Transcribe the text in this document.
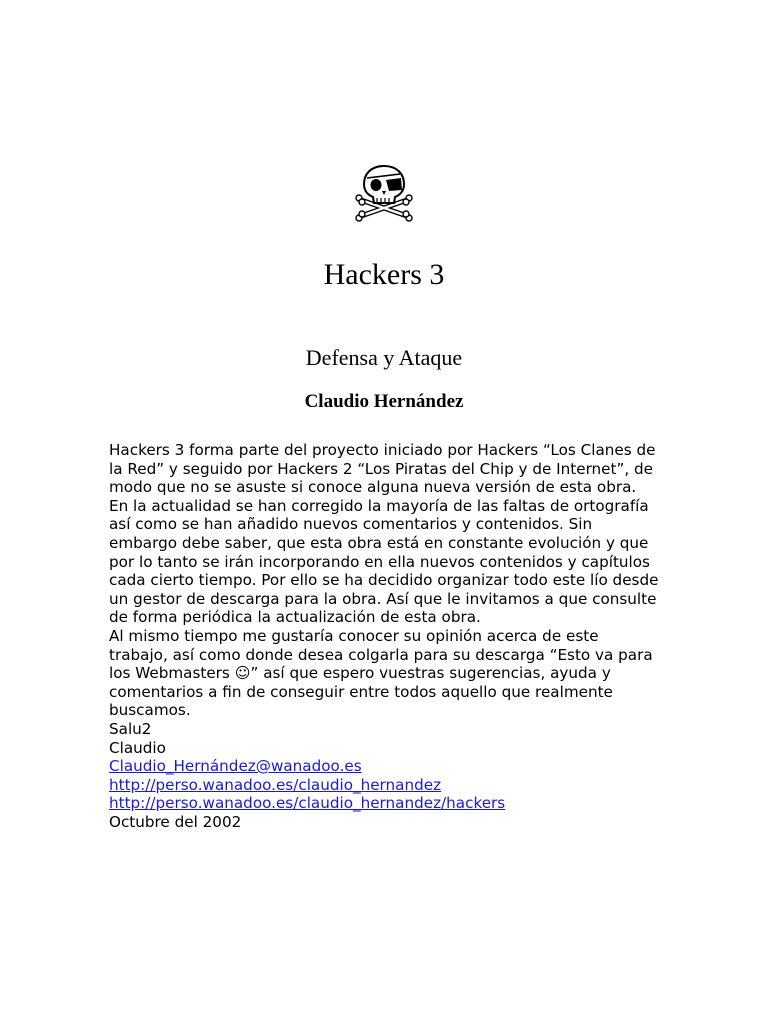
Hackers 3
Defensa y Ataque
Claudio Hernández

Hackers 3 forma parte del proyecto iniciado por Hackers “Los Clanes de la Red” y seguido por Hackers 2 “Los Piratas del Chip y de Internet”, de modo que no se asuste si conoce alguna nueva versión de esta obra.

En la actualidad se han corregido la mayoría de las faltas de ortografía así como se han añadido nuevos comentarios y contenidos. Sin embargo debe saber, que esta obra está en constante evolución y que por lo tanto se irán incorporando en ella nuevos contenidos y capítulos cada cierto tiempo. Por ello se ha decidido organizar todo este lío desde un gestor de descarga para la obra. Así que le invitamos a que consulte de forma periódica la actualización de esta obra.

Al mismo tiempo me gustaría conocer su opinión acerca de este trabajo, así como donde desea colgarla para su descarga “Esto va para los Webmasters ☺” así que espero vuestras sugerencias, ayuda y comentarios a fin de conseguir entre todos aquello que realmente buscamos.

Salu2

Claudio

Claudio_Hernández@wanadoo.es
http://perso.wanadoo.es/claudio_hernandez
http://perso.wanadoo.es/claudio_hernandez/hackers

Octubre del 2002
